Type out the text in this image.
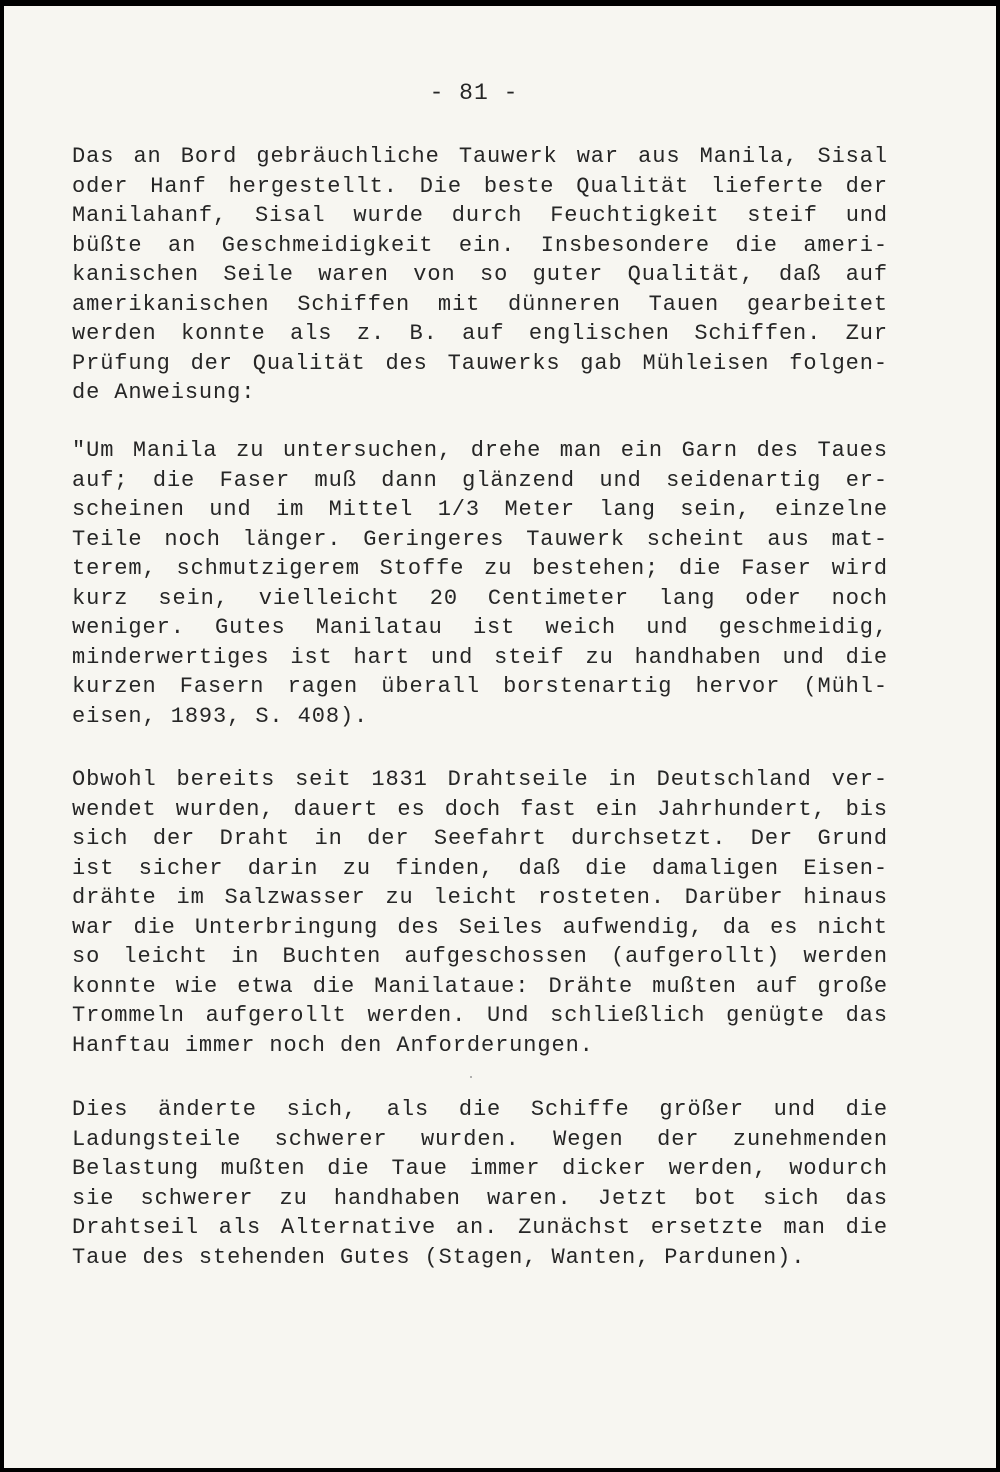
- 81 -
Das an Bord gebräuchliche Tauwerk war aus Manila, Sisal
oder Hanf hergestellt. Die beste Qualität lieferte der
Manilahanf, Sisal wurde durch Feuchtigkeit steif und
büßte an Geschmeidigkeit ein. Insbesondere die ameri-
kanischen Seile waren von so guter Qualität, daß auf
amerikanischen Schiffen mit dünneren Tauen gearbeitet
werden konnte als z. B. auf englischen Schiffen. Zur
Prüfung der Qualität des Tauwerks gab Mühleisen folgen-
de Anweisung:
"Um Manila zu untersuchen, drehe man ein Garn des Taues
auf; die Faser muß dann glänzend und seidenartig er-
scheinen und im Mittel 1/3 Meter lang sein, einzelne
Teile noch länger. Geringeres Tauwerk scheint aus mat-
terem, schmutzigerem Stoffe zu bestehen; die Faser wird
kurz sein, vielleicht 20 Centimeter lang oder noch
weniger. Gutes Manilatau ist weich und geschmeidig,
minderwertiges ist hart und steif zu handhaben und die
kurzen Fasern ragen überall borstenartig hervor (Mühl-
eisen, 1893, S. 408).
Obwohl bereits seit 1831 Drahtseile in Deutschland ver-
wendet wurden, dauert es doch fast ein Jahrhundert, bis
sich der Draht in der Seefahrt durchsetzt. Der Grund
ist sicher darin zu finden, daß die damaligen Eisen-
drähte im Salzwasser zu leicht rosteten. Darüber hinaus
war die Unterbringung des Seiles aufwendig, da es nicht
so leicht in Buchten aufgeschossen (aufgerollt) werden
konnte wie etwa die Manilataue: Drähte mußten auf große
Trommeln aufgerollt werden. Und schließlich genügte das
Hanftau immer noch den Anforderungen.
Dies änderte sich, als die Schiffe größer und die
Ladungsteile schwerer wurden. Wegen der zunehmenden
Belastung mußten die Taue immer dicker werden, wodurch
sie schwerer zu handhaben waren. Jetzt bot sich das
Drahtseil als Alternative an. Zunächst ersetzte man die
Taue des stehenden Gutes (Stagen, Wanten, Pardunen).
